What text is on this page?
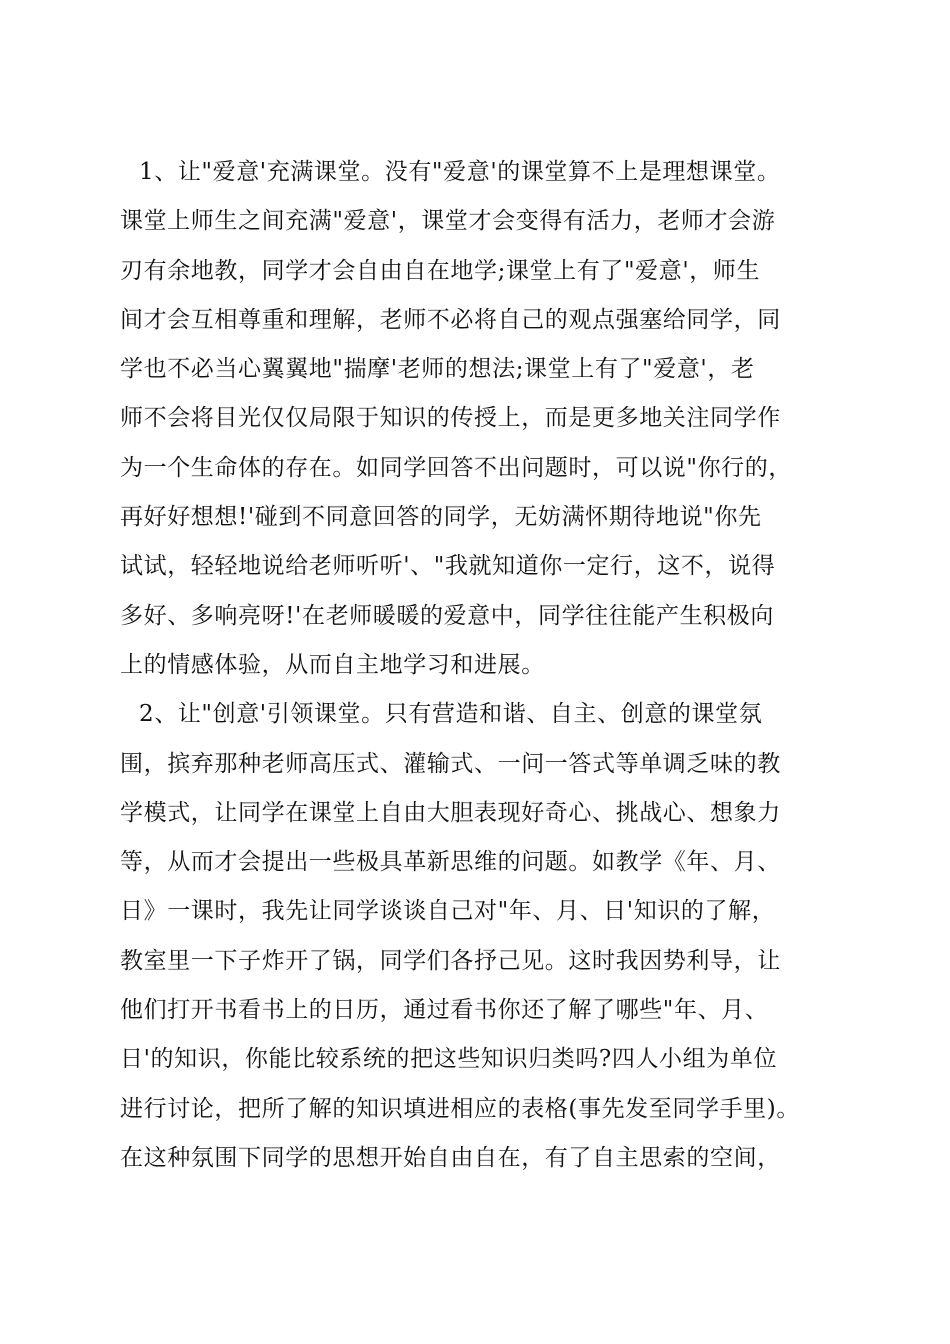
1、让"爱意'充满课堂。没有"爱意'的课堂算不上是理想课堂。
课堂上师生之间充满"爱意'，课堂才会变得有活力，老师才会游
刃有余地教，同学才会自由自在地学;课堂上有了"爱意'，师生
间才会互相尊重和理解，老师不必将自己的观点强塞给同学，同
学也不必当心翼翼地"揣摩'老师的想法;课堂上有了"爱意'，老
师不会将目光仅仅局限于知识的传授上，而是更多地关注同学作
为一个生命体的存在。如同学回答不出问题时，可以说"你行的，
再好好想想!'碰到不同意回答的同学，无妨满怀期待地说"你先
试试，轻轻地说给老师听听'、"我就知道你一定行，这不，说得
多好、多响亮呀!'在老师暖暖的爱意中，同学往往能产生积极向
上的情感体验，从而自主地学习和进展。
2、让"创意'引领课堂。只有营造和谐、自主、创意的课堂氛
围，摈弃那种老师高压式、灌输式、一问一答式等单调乏味的教
学模式，让同学在课堂上自由大胆表现好奇心、挑战心、想象力
等，从而才会提出一些极具革新思维的问题。如教学《年、月、
日》一课时，我先让同学谈谈自己对"年、月、日'知识的了解，
教室里一下子炸开了锅，同学们各抒己见。这时我因势利导，让
他们打开书看书上的日历，通过看书你还了解了哪些"年、月、
日'的知识，你能比较系统的把这些知识归类吗?四人小组为单位
进行讨论，把所了解的知识填进相应的表格(事先发至同学手里)。
在这种氛围下同学的思想开始自由自在，有了自主思索的空间，
